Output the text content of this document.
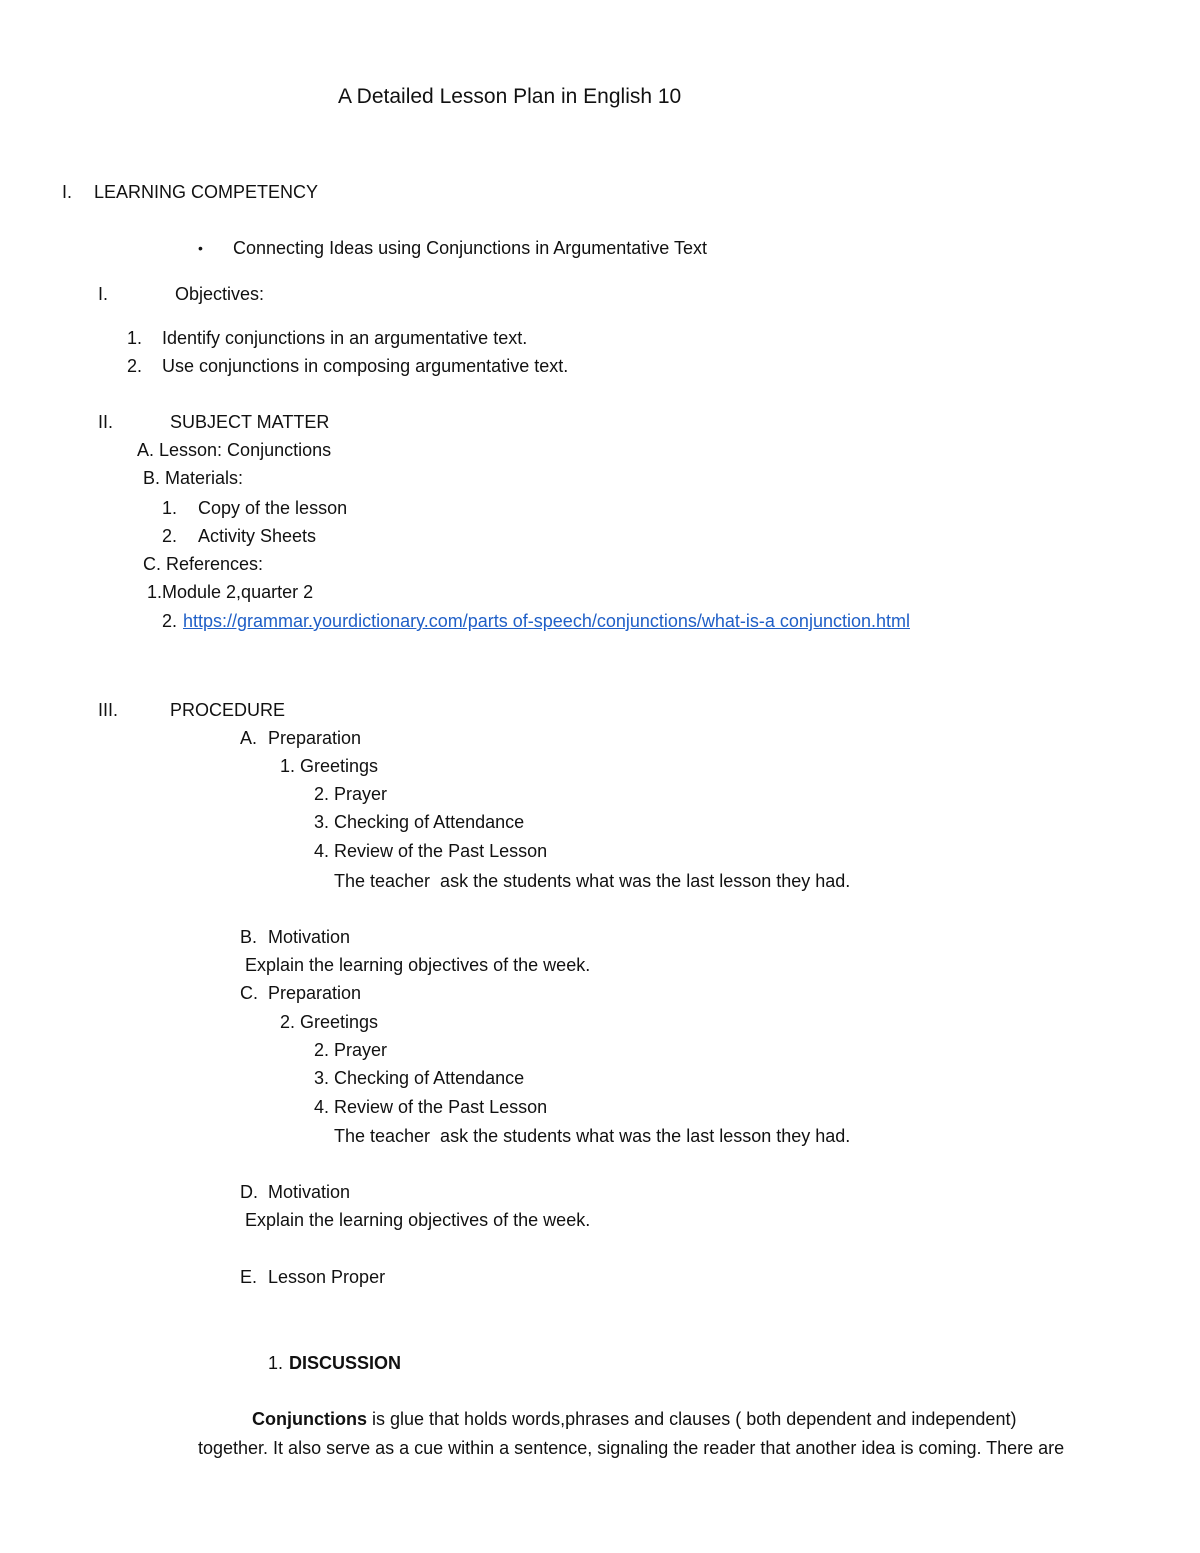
A Detailed Lesson Plan in English 10
I. LEARNING COMPETENCY
• Connecting Ideas using Conjunctions in Argumentative Text
I.	Objectives:
1. Identify conjunctions in an argumentative text.
2. Use conjunctions in composing argumentative text.
II.	SUBJECT MATTER
A. Lesson: Conjunctions
B. Materials:
1. Copy of the lesson
2. Activity Sheets
C. References:
1.Module 2,quarter 2
2. https://grammar.yourdictionary.com/parts of-speech/conjunctions/what-is-a conjunction.html
III.	PROCEDURE
A. Preparation
1. Greetings
2. Prayer
3. Checking of Attendance
4. Review of the Past Lesson
The teacher  ask the students what was the last lesson they had.
B. Motivation
Explain the learning objectives of the week.
C. Preparation
2. Greetings
2. Prayer
3. Checking of Attendance
4. Review of the Past Lesson
The teacher  ask the students what was the last lesson they had.
D. Motivation
Explain the learning objectives of the week.
E. Lesson Proper
1. DISCUSSION
Conjunctions is glue that holds words,phrases and clauses ( both dependent and independent)
together. It also serve as a cue within a sentence, signaling the reader that another idea is coming. There are
